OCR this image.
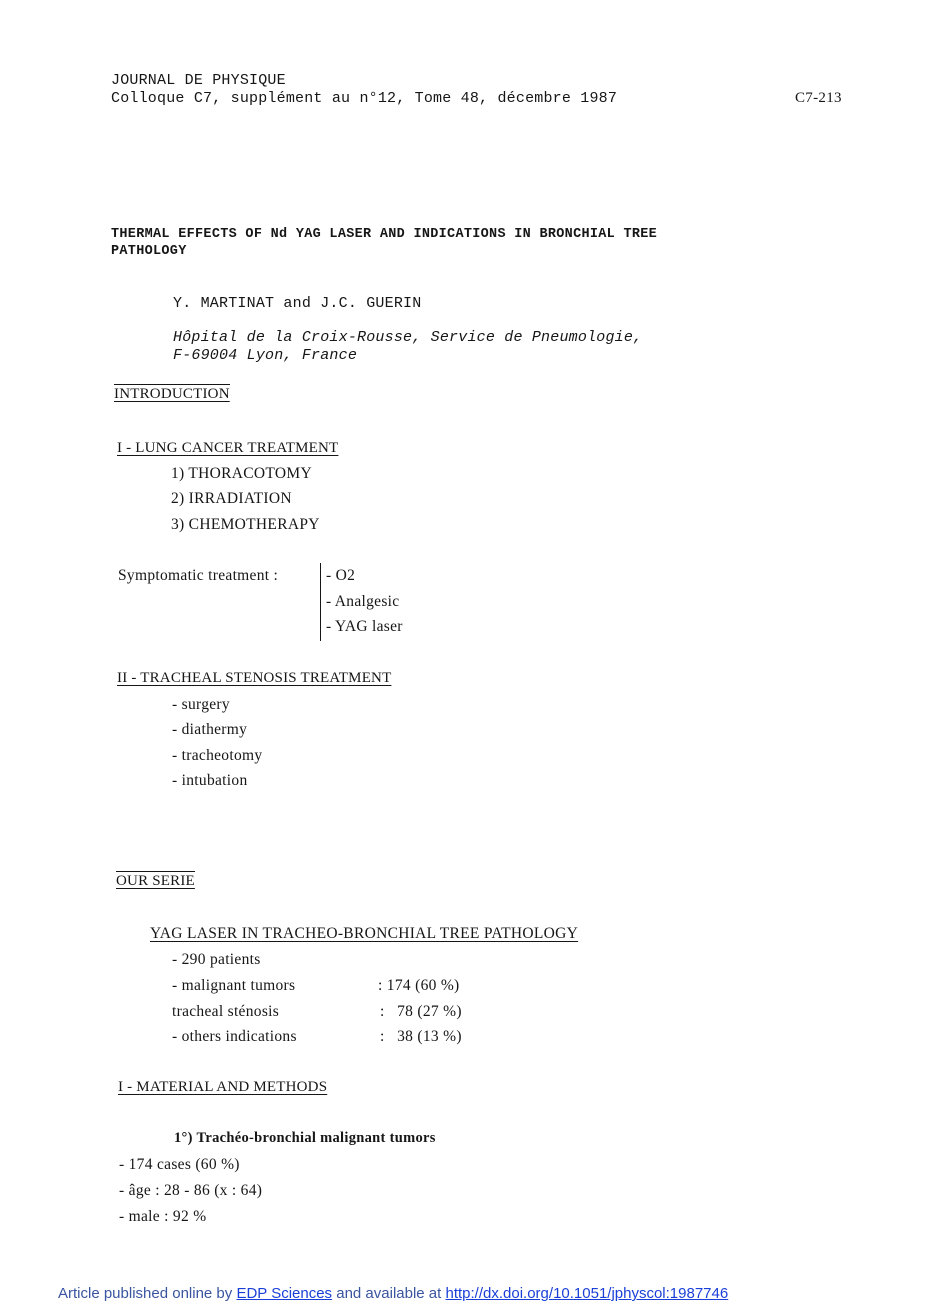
JOURNAL DE PHYSIQUE
Colloque C7, supplément au n°12, Tome 48, décembre 1987	C7-213
THERMAL EFFECTS OF Nd YAG LASER AND INDICATIONS IN BRONCHIAL TREE
PATHOLOGY
Y. MARTINAT and J.C. GUERIN
Hôpital de la Croix-Rousse, Service de Pneumologie,
F-69004 Lyon, France
INTRODUCTION
I - LUNG CANCER TREATMENT
1) THORACOTOMY
2) IRRADIATION
3) CHEMOTHERAPY
Symptomatic treatment :	- O2
- Analgesic
- YAG laser
II - TRACHEAL STENOSIS TREATMENT
- surgery
- diathermy
- tracheotomy
- intubation
OUR SERIE
YAG LASER IN TRACHEO-BRONCHIAL TREE PATHOLOGY
- 290 patients
- malignant tumors	: 174 (60 %)
tracheal sténosis	:   78 (27 %)
- others indications	:   38 (13 %)
I - MATERIAL AND METHODS
1°) Trachéo-bronchial malignant tumors
- 174 cases (60 %)
- âge : 28 - 86 (x : 64)
- male : 92 %
Article published online by EDP Sciences and available at http://dx.doi.org/10.1051/jphyscol:1987746
